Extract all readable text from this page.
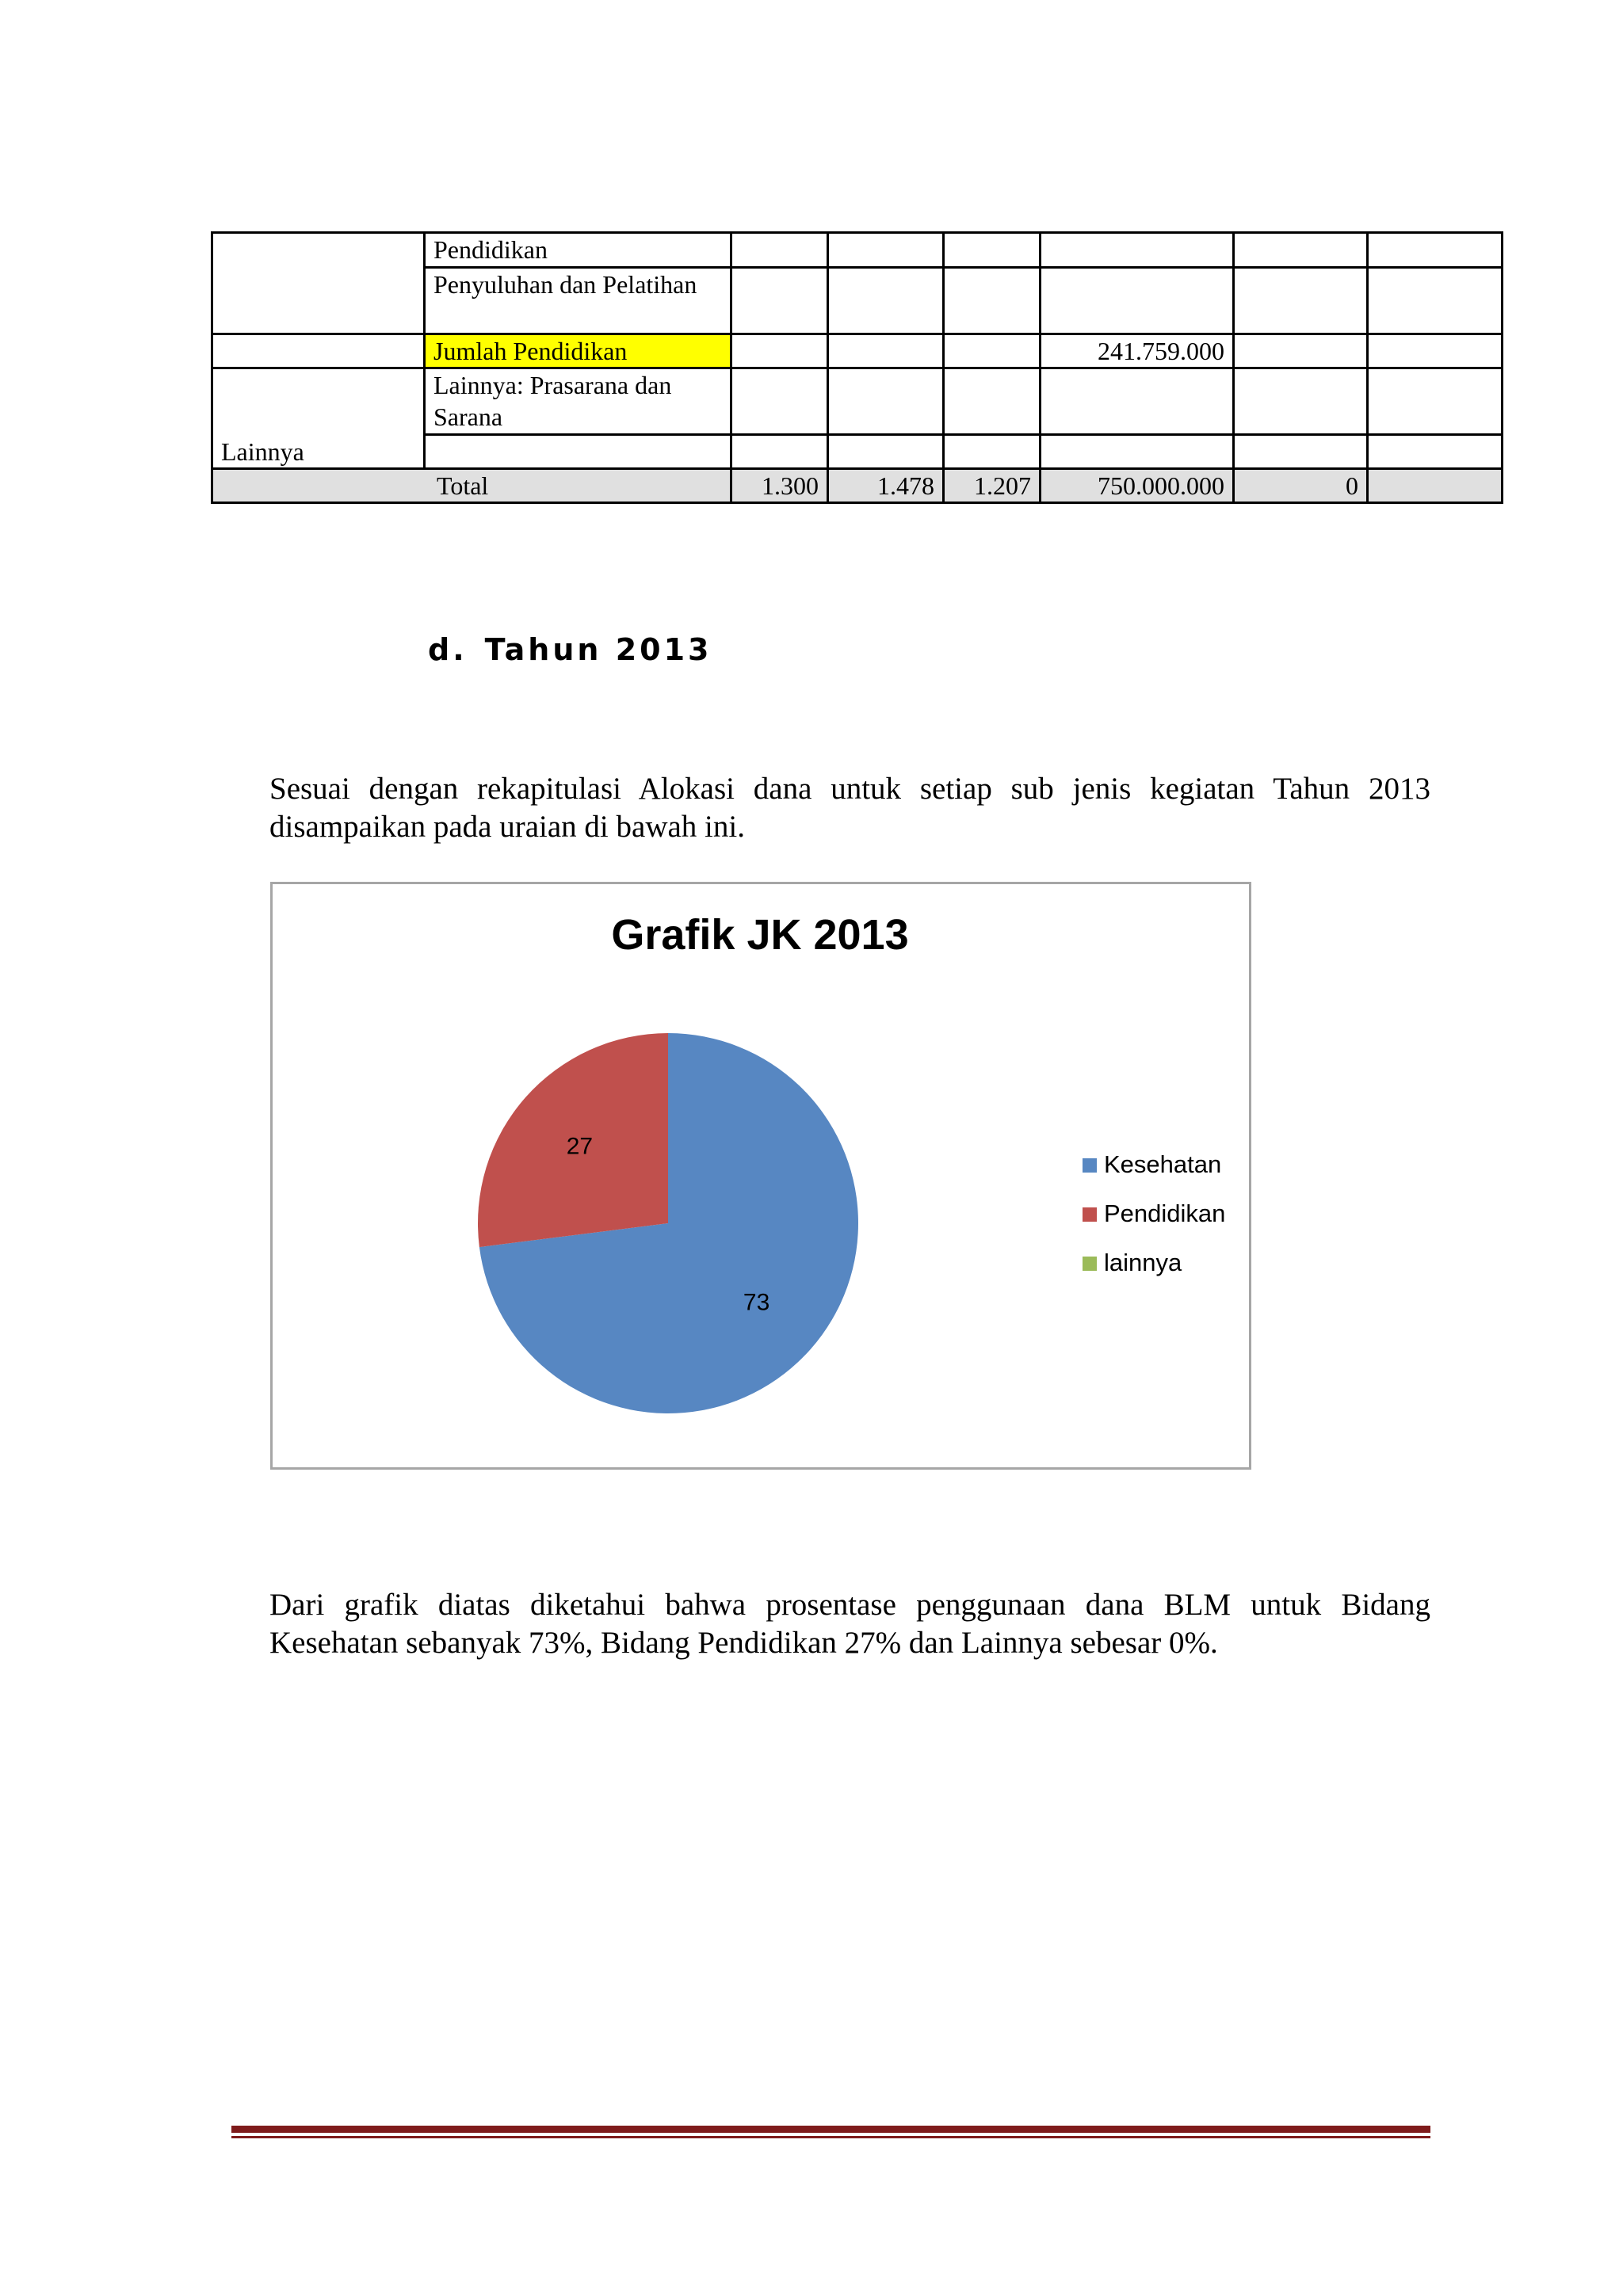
	Pendidikan						
	Penyuluhan dan Pelatihan						

	Jumlah Pendidikan				241.759.000		
Lainnya	Lainnya: Prasarana dan Sarana						

Total		1.300	1.478	1.207	750.000.000	0	
d. Tahun 2013

Sesuai dengan rekapitulasi Alokasi dana untuk setiap sub jenis kegiatan Tahun 2013 disampaikan pada uraian di bawah ini.

Grafik JK 2013
73
27
Kesehatan
Pendidikan
lainnya

Dari grafik diatas diketahui bahwa prosentase penggunaan dana BLM untuk Bidang Kesehatan sebanyak 73%, Bidang Pendidikan 27% dan Lainnya sebesar 0%.
